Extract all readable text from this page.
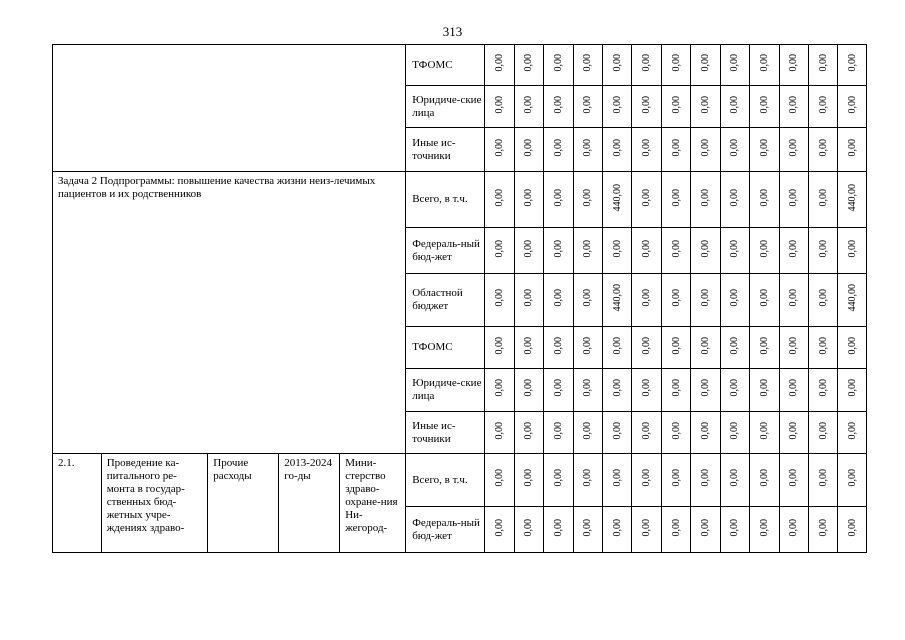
313
					ТФОМС	0,00	0,00	0,00	0,00	0,00	0,00	0,00	0,00	0,00	0,00	0,00	0,00	0,00
					Юридиче-ские лица	0,00	0,00	0,00	0,00	0,00	0,00	0,00	0,00	0,00	0,00	0,00	0,00	0,00
					Иные ис-точники	0,00	0,00	0,00	0,00	0,00	0,00	0,00	0,00	0,00	0,00	0,00	0,00	0,00
Задача 2 Подпрограммы: повышение качества жизни неиз-лечимых пациентов и их родственников					Всего, в т.ч.	0,00	0,00	0,00	0,00	440,00	0,00	0,00	0,00	0,00	0,00	0,00	0,00	440,00
					Федераль-ный бюд-жет	0,00	0,00	0,00	0,00	0,00	0,00	0,00	0,00	0,00	0,00	0,00	0,00	0,00
					Областной бюджет	0,00	0,00	0,00	0,00	440,00	0,00	0,00	0,00	0,00	0,00	0,00	0,00	440,00
					ТФОМС	0,00	0,00	0,00	0,00	0,00	0,00	0,00	0,00	0,00	0,00	0,00	0,00	0,00
					Юридиче-ские лица	0,00	0,00	0,00	0,00	0,00	0,00	0,00	0,00	0,00	0,00	0,00	0,00	0,00
					Иные ис-точники	0,00	0,00	0,00	0,00	0,00	0,00	0,00	0,00	0,00	0,00	0,00	0,00	0,00
2.1.	Проведение ка-питального ре-монта в государ-ственных бюд-жетных учре-ждениях здраво-	Прочие расходы	2013-2024 го-ды	Мини-стерство здраво-охране-ния Ни-жегород-	Всего, в т.ч.	0,00	0,00	0,00	0,00	0,00	0,00	0,00	0,00	0,00	0,00	0,00	0,00	0,00
					Федераль-ный бюд-жет	0,00	0,00	0,00	0,00	0,00	0,00	0,00	0,00	0,00	0,00	0,00	0,00	0,00
